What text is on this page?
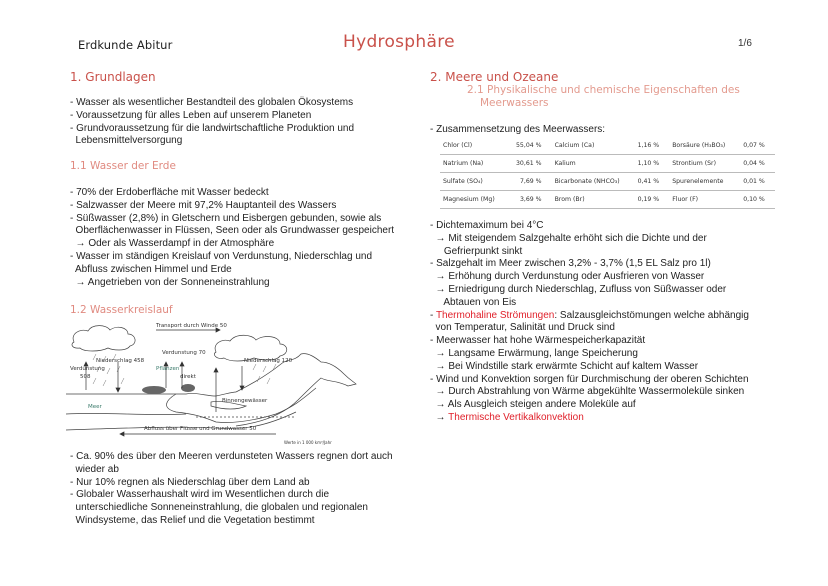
Erdkunde Abitur	Hydrosphäre	1/6
1. Grundlagen
- Wasser als wesentlicher Bestandteil des globalen Ökosystems
- Voraussetzung für alles Leben auf unserem Planeten
- Grundvoraussetzung für die landwirtschaftliche Produktion und
Lebensmittelversorgung
1.1 Wasser der Erde
- 70% der Erdoberfläche mit Wasser bedeckt
- Salzwasser der Meere mit 97,2% Hauptanteil des Wassers
- Süßwasser (2,8%) in Gletschern und Eisbergen gebunden, sowie als
Oberflächenwasser in Flüssen, Seen oder als Grundwasser gespeichert
→ Oder als Wasserdampf in der Atmosphäre
- Wasser im ständigen Kreislauf von Verdunstung, Niederschlag und
Abfluss zwischen Himmel und Erde
→ Angetrieben von der Sonneneinstrahlung
1.2 Wasserkreislauf
Transport durch Winde 50
Verdunstung 70
Niederschlag 458
Verdunstung
508
Pflanzen
direkt
Niederschlag 120
Binnengewässer
Meer
Abfluss über Flüsse und Grundwasser 50
Werte in 1 000 km³/Jahr
- Ca. 90% des über den Meeren verdunsteten Wassers regnen dort auch
wieder ab
- Nur 10% regnen als Niederschlag über dem Land ab
- Globaler Wasserhaushalt wird im Wesentlichen durch die
unterschiedliche Sonneneinstrahlung, die globalen und regionalen
Windsysteme, das Relief und die Vegetation bestimmt
2. Meere und Ozeane
2.1 Physikalische und chemische Eigenschaften des
Meerwassers
- Zusammensetzung des Meerwassers:
Chlor (Cl)	55,04 %	Calcium (Ca)	1,16 %	Borsäure (H₃BO₃)	0,07 %
Natrium (Na)	30,61 %	Kalium	1,10 %	Strontium (Sr)	0,04 %
Sulfate (SO₄)	7,69 %	Bicarbonate (NHCO₃)	0,41 %	Spurenelemente	0,01 %
Magnesium (Mg)	3,69 %	Brom (Br)	0,19 %	Fluor (F)	0,10 %
- Dichtemaximum bei 4°C
→ Mit steigendem Salzgehalte erhöht sich die Dichte und der
Gefrierpunkt sinkt
- Salzgehalt im Meer zwischen 3,2% - 3,7% (1,5 EL Salz pro 1l)
→ Erhöhung durch Verdunstung oder Ausfrieren von Wasser
→ Erniedrigung durch Niederschlag, Zufluss von Süßwasser oder
Abtauen von Eis
- Thermohaline Strömungen: Salzausgleichstömungen welche abhängig
von Temperatur, Salinität und Druck sind
- Meerwasser hat hohe Wärmespeicherkapazität
→ Langsame Erwärmung, lange Speicherung
→ Bei Windstille stark erwärmte Schicht auf kaltem Wasser
- Wind und Konvektion sorgen für Durchmischung der oberen Schichten
→ Durch Abstrahlung von Wärme abgekühlte Wassermoleküle sinken
→ Als Ausgleich steigen andere Moleküle auf
→ Thermische Vertikalkonvektion
